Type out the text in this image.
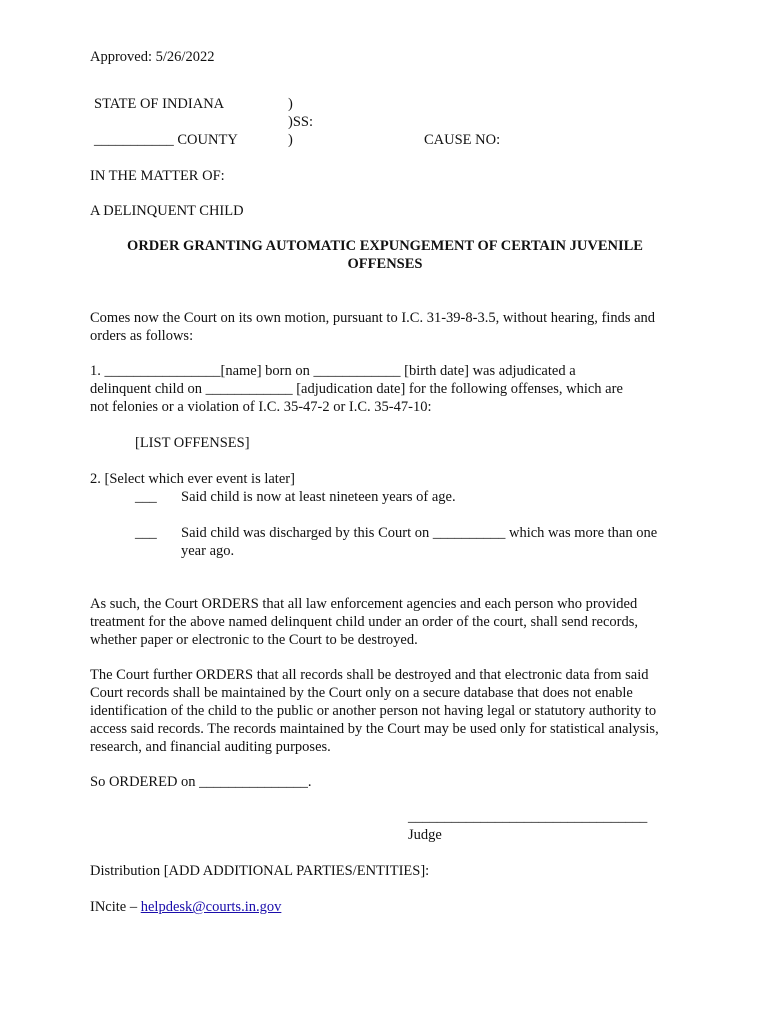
Approved: 5/26/2022
STATE OF INDIANA	)
)SS:
___________ COUNTY	)	CAUSE NO:
IN THE MATTER OF:
A DELINQUENT CHILD
ORDER GRANTING AUTOMATIC EXPUNGEMENT OF CERTAIN JUVENILE OFFENSES
Comes now the Court on its own motion, pursuant to I.C. 31-39-8-3.5, without hearing, finds and orders as follows:
1. ________________[name] born on ____________ [birth date] was adjudicated a
delinquent child on ____________ [adjudication date] for the following offenses, which are
not felonies or a violation of I.C. 35-47-2 or I.C. 35-47-10:
[LIST OFFENSES]
2. [Select which ever event is later]
___ Said child is now at least nineteen years of age.
___ Said child was discharged by this Court on __________ which was more than one
year ago.
As such, the Court ORDERS that all law enforcement agencies and each person who provided treatment for the above named delinquent child under an order of the court, shall send records, whether paper or electronic to the Court to be destroyed.
The Court further ORDERS that all records shall be destroyed and that electronic data from said Court records shall be maintained by the Court only on a secure database that does not enable identification of the child to the public or another person not having legal or statutory authority to access said records. The records maintained by the Court may be used only for statistical analysis, research, and financial auditing purposes.
So ORDERED on _______________.
_________________________________
Judge
Distribution [ADD ADDITIONAL PARTIES/ENTITIES]:
INcite – helpdesk@courts.in.gov
